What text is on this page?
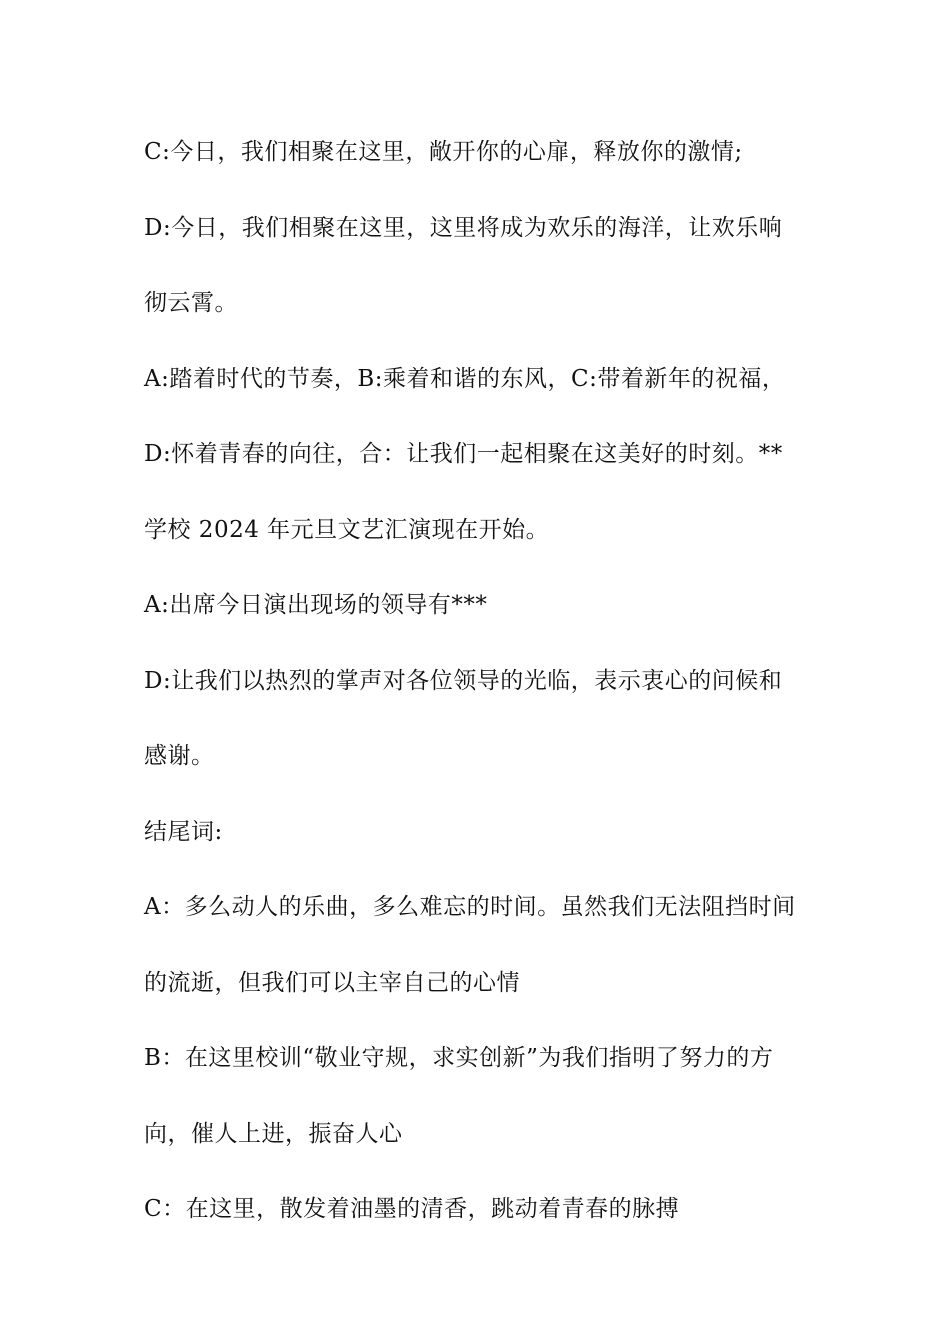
C:今日，我们相聚在这里，敞开你的心扉，释放你的激情;
D:今日，我们相聚在这里，这里将成为欢乐的海洋，让欢乐响
彻云霄。
A:踏着时代的节奏，B:乘着和谐的东风，C:带着新年的祝福，
D:怀着青春的向往，合：让我们一起相聚在这美好的时刻。**
学校 2024 年元旦文艺汇演现在开始。
A:出席今日演出现场的领导有***
D:让我们以热烈的掌声对各位领导的光临，表示衷心的问候和
感谢。
结尾词:
A：多么动人的乐曲，多么难忘的时间。虽然我们无法阻挡时间
的流逝，但我们可以主宰自己的心情
B：在这里校训“敬业守规，求实创新”为我们指明了努力的方
向，催人上进，振奋人心
C：在这里，散发着油墨的清香，跳动着青春的脉搏
